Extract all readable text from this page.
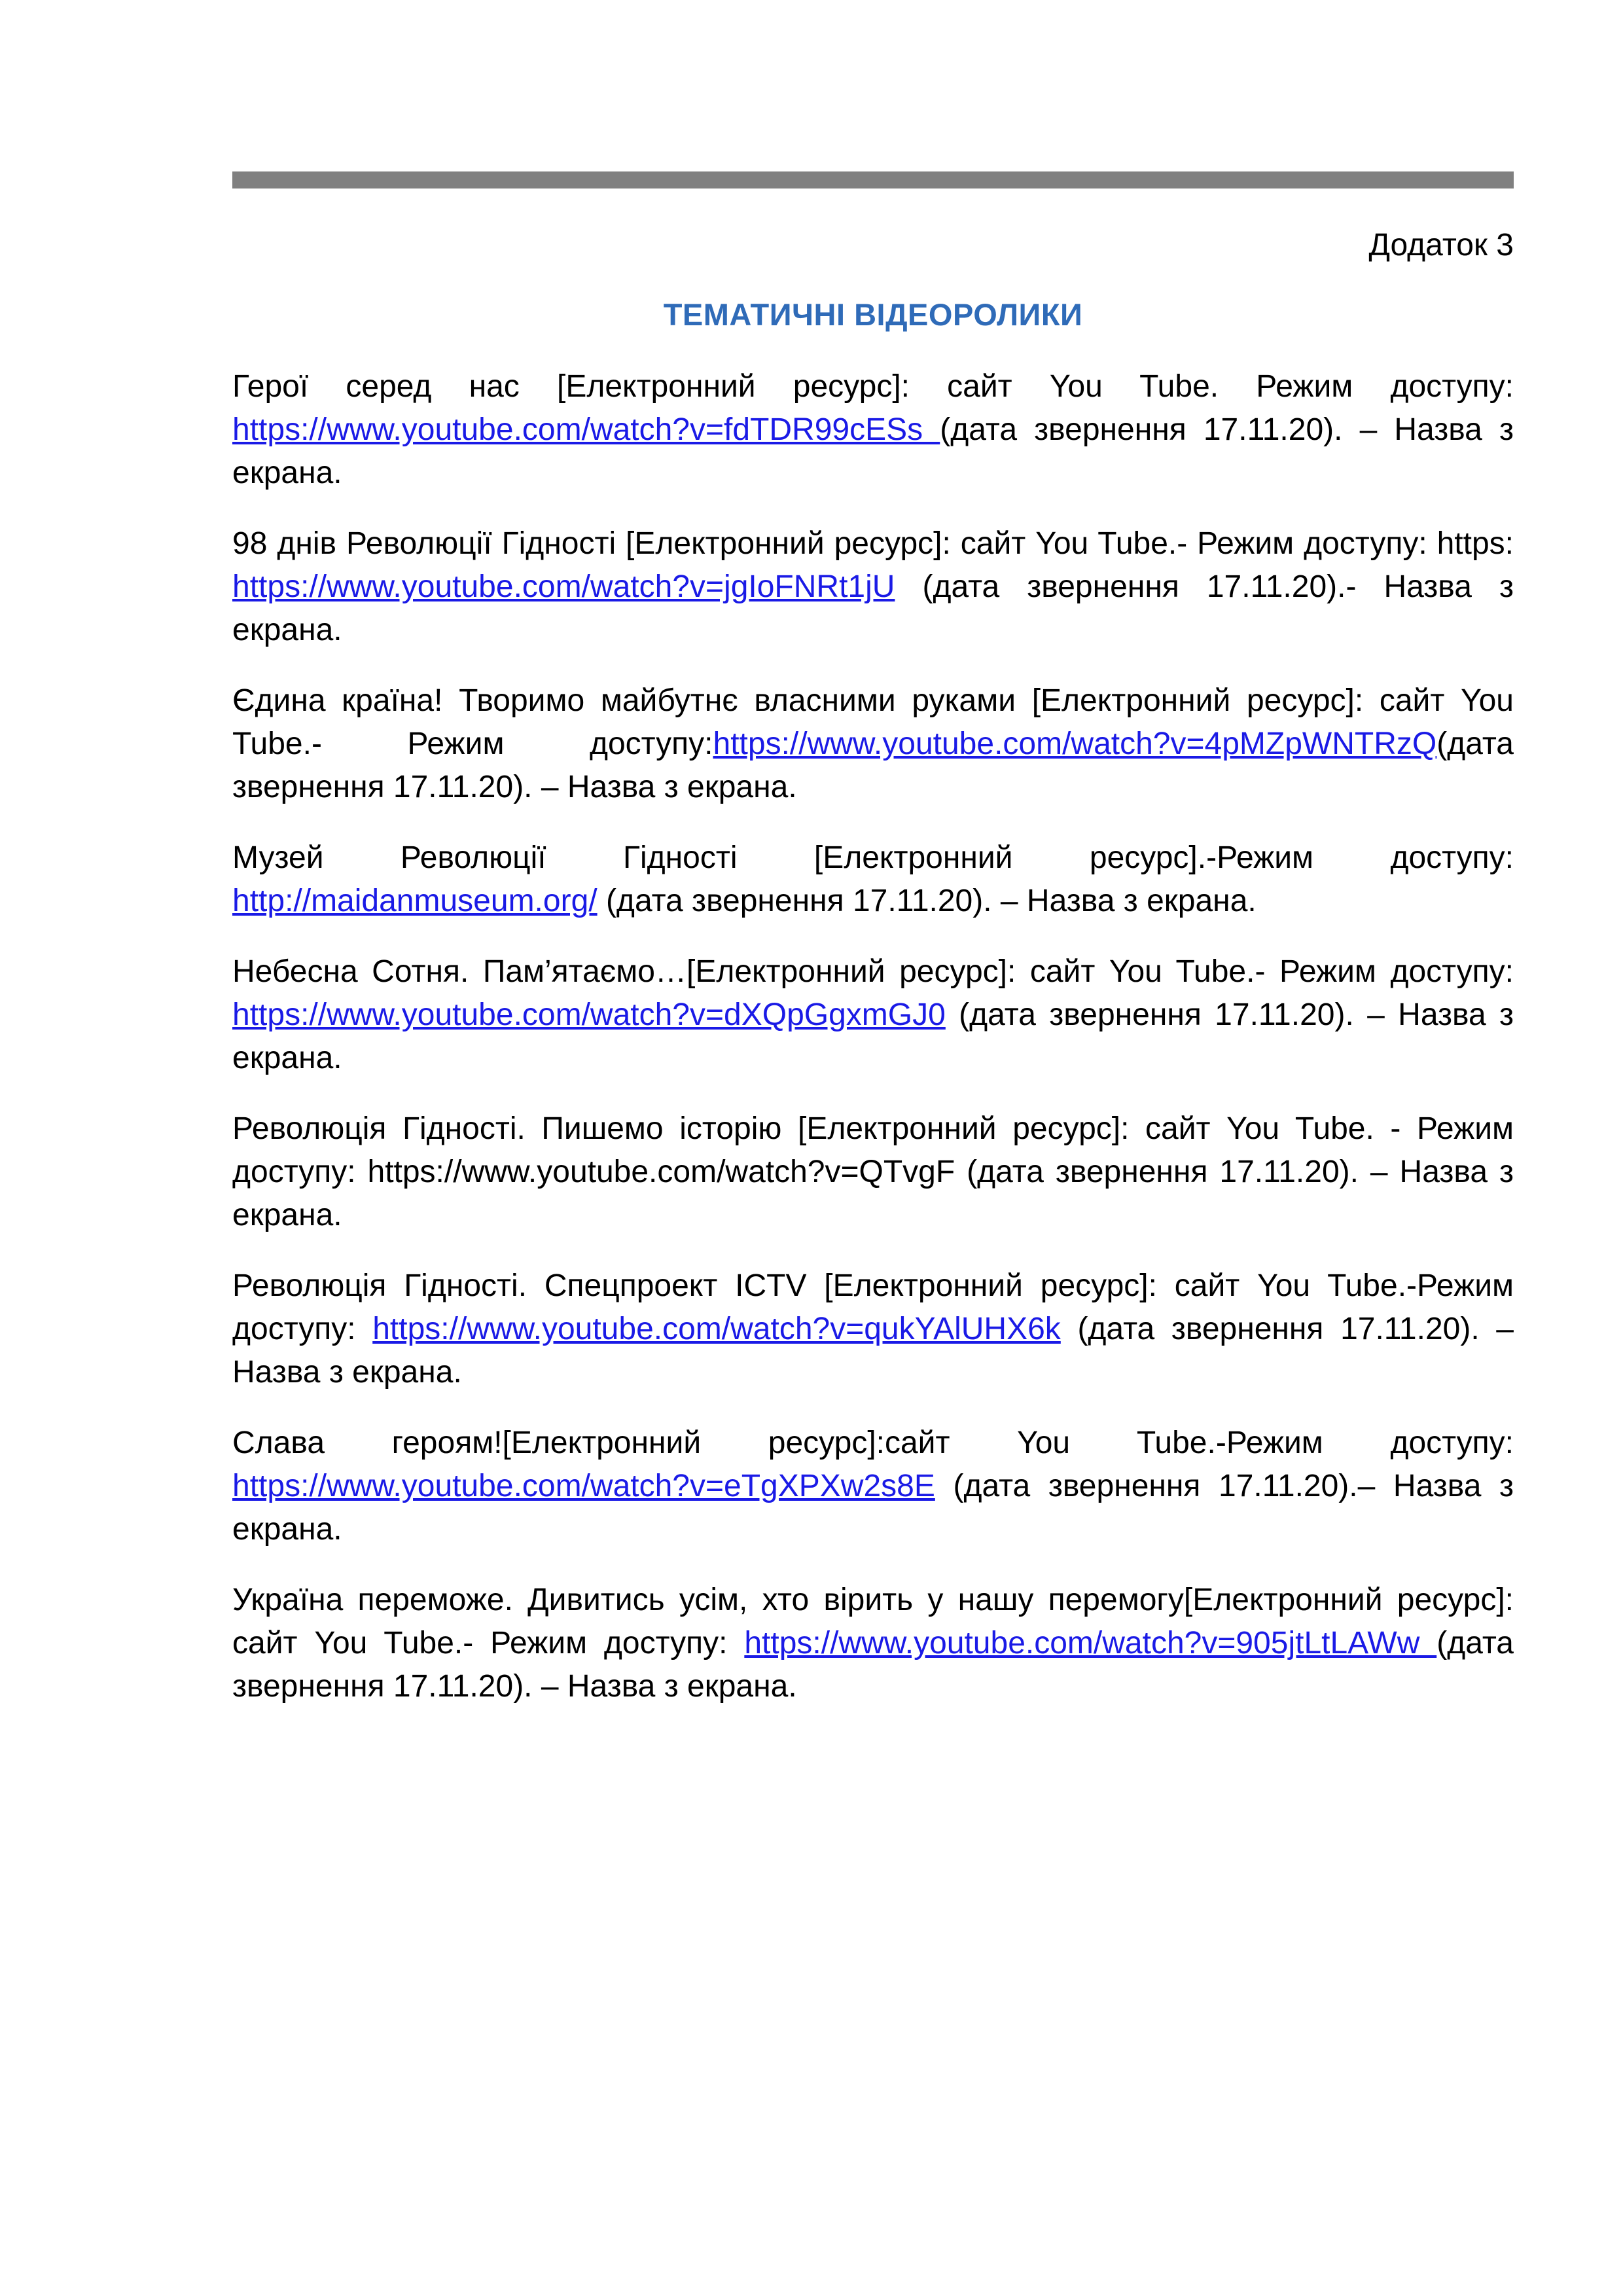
Додаток 3
ТЕМАТИЧНІ ВІДЕОРОЛИКИ

Герої серед нас [Електронний ресурс]: сайт You Tube. Режим доступу: https://www.youtube.com/watch?v=fdTDR99cESs (дата звернення 17.11.20). – Назва з екрана.

98 днів Революції Гідності [Електронний ресурс]: сайт You Tube.- Режим доступу: https: https://www.youtube.com/watch?v=jgIoFNRt1jU (дата звернення 17.11.20).- Назва з екрана.

Єдина країна! Творимо майбутнє власними руками [Електронний ресурс]: сайт You Tube.- Режим доступу:https://www.youtube.com/watch?v=4pMZpWNTRzQ(дата звернення 17.11.20). – Назва з екрана.

Музей Революції Гідності [Електронний ресурс].-Режим доступу: http://maidanmuseum.org/ (дата звернення 17.11.20). – Назва з екрана.

Небесна Сотня. Пам’ятаємо…[Електронний ресурс]: сайт You Tube.- Режим доступу: https://www.youtube.com/watch?v=dXQpGgxmGJ0 (дата звернення 17.11.20). – Назва з екрана.

Революція Гідності. Пишемо історію [Електронний ресурс]: сайт You Tube. - Режим доступу: https://www.youtube.com/watch?v=QTvgF (дата звернення 17.11.20). – Назва з екрана.

Революція Гідності. Спецпроект ICTV [Електронний ресурс]: сайт You Tube.-Режим доступу: https://www.youtube.com/watch?v=qukYAlUHX6k (дата звернення 17.11.20). – Назва з екрана.

Слава героям![Електронний ресурс]:сайт You Tube.-Режим доступу: https://www.youtube.com/watch?v=eTgXPXw2s8E (дата звернення 17.11.20).– Назва з екрана.

Україна переможе. Дивитись усім, хто вірить у нашу перемогу[Електронний ресурс]: сайт You Tube.- Режим доступу: https://www.youtube.com/watch?v=905jtLtLAWw (дата звернення 17.11.20). – Назва з екрана.
